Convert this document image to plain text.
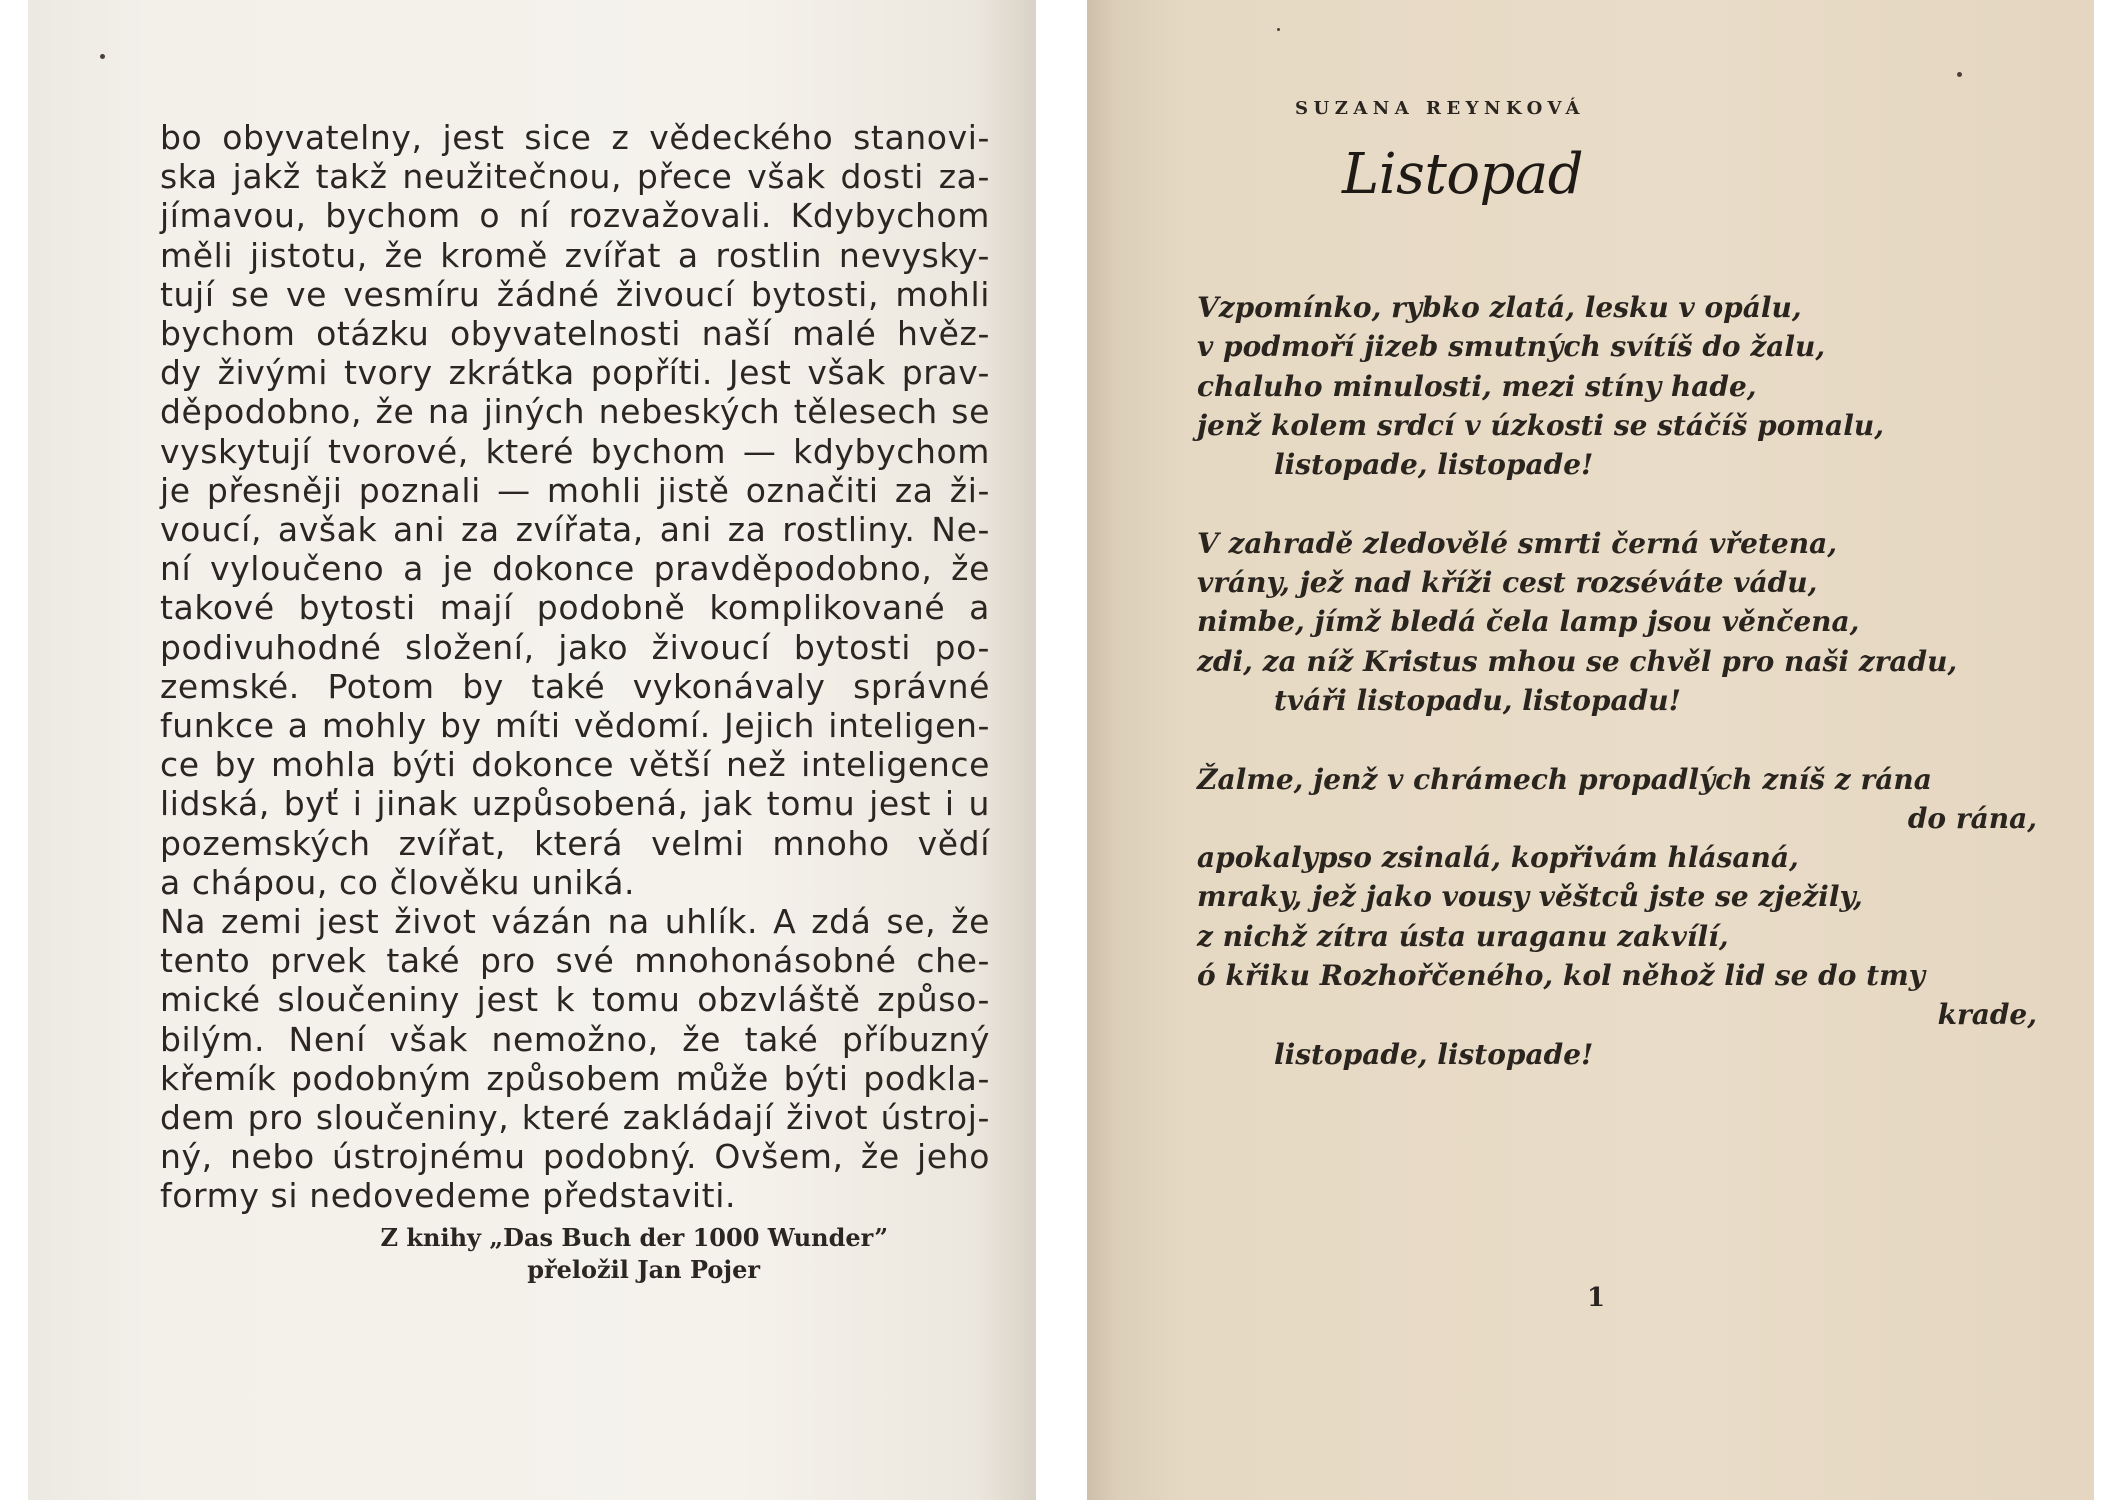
bo obyvatelny, jest sice z vědeckého stanovi-
ska jakž takž neužitečnou, přece však dosti za-
jímavou, bychom o ní rozvažovali. Kdybychom
měli jistotu, že kromě zvířat a rostlin nevysky-
tují se ve vesmíru žádné živoucí bytosti, mohli
bychom otázku obyvatelnosti naší malé hvěz-
dy živými tvory zkrátka popříti. Jest však prav-
děpodobno, že na jiných nebeských tělesech se
vyskytují tvorové, které bychom — kdybychom
je přesněji poznali — mohli jistě označiti za ži-
voucí, avšak ani za zvířata, ani za rostliny. Ne-
ní vyloučeno a je dokonce pravděpodobno, že
takové bytosti mají podobně komplikované a
podivuhodné složení, jako živoucí bytosti po-
zemské. Potom by také vykonávaly správné
funkce a mohly by míti vědomí. Jejich inteligen-
ce by mohla býti dokonce větší než inteligence
lidská, byť i jinak uzpůsobená, jak tomu jest i u
pozemských zvířat, která velmi mnoho vědí
a chápou, co člověku uniká.
Na zemi jest život vázán na uhlík. A zdá se, že
tento prvek také pro své mnohonásobné che-
mické sloučeniny jest k tomu obzvláště způso-
bilým. Není však nemožno, že také příbuzný
křemík podobným způsobem může býti podkla-
dem pro sloučeniny, které zakládají život ústroj-
ný, nebo ústrojnému podobný. Ovšem, že jeho
formy si nedovedeme představiti.
Z knihy „Das Buch der 1000 Wunder”
přeložil Jan Pojer
SUZANA REYNKOVÁ
Listopad
Vzpomínko, rybko zlatá, lesku v opálu,
v podmoří jizeb smutných svítíš do žalu,
chaluho minulosti, mezi stíny hade,
jenž kolem srdcí v úzkosti se stáčíš pomalu,
listopade, listopade!
V zahradě zledovělé smrti černá vřetena,
vrány, jež nad kříži cest rozséváte vádu,
nimbe, jímž bledá čela lamp jsou věnčena,
zdi, za níž Kristus mhou se chvěl pro naši zradu,
tváři listopadu, listopadu!
Žalme, jenž v chrámech propadlých zníš z rána
do rána,
apokalypso zsinalá, kopřivám hlásaná,
mraky, jež jako vousy věštců jste se zježily,
z nichž zítra ústa uraganu zakvílí,
ó křiku Rozhořčeného, kol něhož lid se do tmy
krade,
listopade, listopade!
1
